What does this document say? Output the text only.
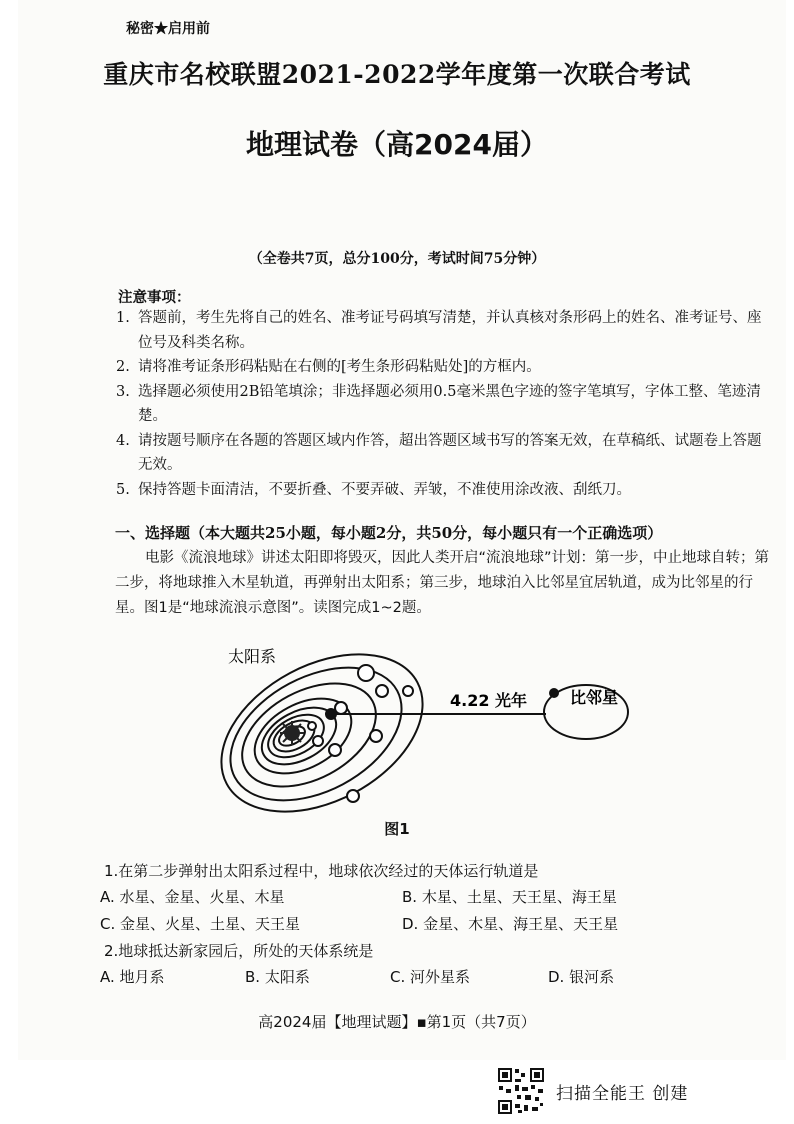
秘密★启用前
重庆市名校联盟2021-2022学年度第一次联合考试
地理试卷（高2024届）
（全卷共7页，总分100分，考试时间75分钟）
注意事项：
1. 答题前，考生先将自己的姓名、准考证号码填写清楚，并认真核对条形码上的姓名、准考证号、座位号及科类名称。
2. 请将准考证条形码粘贴在右侧的[考生条形码粘贴处]的方框内。
3. 选择题必须使用2B铅笔填涂；非选择题必须用0.5毫米黑色字迹的签字笔填写，字体工整、笔迹清楚。
4. 请按题号顺序在各题的答题区域内作答，超出答题区域书写的答案无效，在草稿纸、试题卷上答题无效。
5. 保持答题卡面清洁，不要折叠、不要弄破、弄皱，不准使用涂改液、刮纸刀。
一、选择题（本大题共25小题，每小题2分，共50分，每小题只有一个正确选项）

电影《流浪地球》讲述太阳即将毁灭，因此人类开启“流浪地球”计划：第一步，中止地球自转；第二步，将地球推入木星轨道，再弹射出太阳系；第三步，地球泊入比邻星宜居轨道，成为比邻星的行星。图1是“地球流浪示意图”。读图完成1~2题。

太阳系
4.22 光年	比邻星
图1
1.在第二步弹射出太阳系过程中，地球依次经过的天体运行轨道是
A. 水星、金星、火星、木星	B. 木星、土星、天王星、海王星
C. 金星、火星、土星、天王星	D. 金星、木星、海王星、天王星
2.地球抵达新家园后，所处的天体系统是
A. 地月系	B. 太阳系	C. 河外星系	D. 银河系
高2024届【地理试题】▪第1页（共7页）
扫描全能王 创建
